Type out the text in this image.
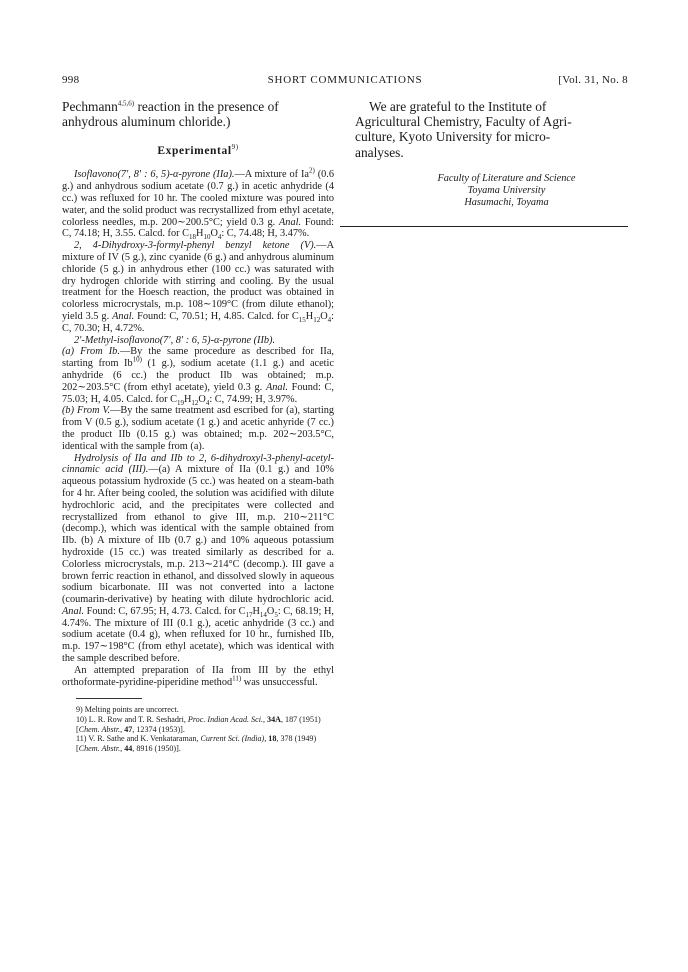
998	SHORT COMMUNICATIONS	[Vol. 31, No. 8

Pechmann$^{4,5,6)}$ reaction in the presence of
anhydrous aluminum chloride.)

Experimental$^{9)}$

Isoflavono(7′, 8′ : 6, 5)-α-pyrone (IIa).—A mixture of Ia$^{2)}$ (0.6 g.) and anhydrous sodium acetate (0.7 g.) in acetic anhydride (4 cc.) was refluxed for 10 hr. The cooled mixture was poured into water, and the solid product was recrystallized from ethyl acetate, colorless needles, m.p. 200∼200.5°C; yield 0.3 g. Anal. Found: C, 74.18; H, 3.55. Calcd. for $C_{18}H_{10}O_4$: C, 74.48; H, 3.47%.

2, 4-Dihydroxy-3-formyl-phenyl benzyl ketone (V).—A mixture of IV (5 g.), zinc cyanide (6 g.) and anhydrous aluminum chloride (5 g.) in anhydrous ether (100 cc.) was saturated with dry hydrogen chloride with stirring and cooling. By the usual treatment for the Hoesch reaction, the product was obtained in colorless microcrystals, m.p. 108∼109°C (from dilute ethanol); yield 3.5 g. Anal. Found: C, 70.51; H, 4.85. Calcd. for $C_{15}H_{12}O_4$: C, 70.30; H, 4.72%.

2′-Methyl-isoflavono(7′, 8′ : 6, 5)-α-pyrone (IIb).
(a) From Ib.—By the same procedure as described for IIa, starting from Ib$^{10)}$ (1 g.), sodium acetate (1.1 g.) and acetic anhydride (6 cc.) the product IIb was obtained; m.p. 202∼203.5°C (from ethyl acetate), yield 0.3 g. Anal. Found: C, 75.03; H, 4.05. Calcd. for $C_{19}H_{12}O_4$: C, 74.99; H, 3.97%.
(b) From V.—By the same treatment asd escribed for (a), starting from V (0.5 g.), sodium acetate (1 g.) and acetic anhyride (7 cc.) the product IIb (0.15 g.) was obtained; m.p. 202∼203.5°C, identical with the sample from (a).

Hydrolysis of IIa and IIb to 2, 6-dihydroxyl-3-phenyl-acetyl-cinnamic acid (III).—(a) A mixture of IIa (0.1 g.) and 10% aqueous potassium hydroxide (5 cc.) was heated on a steam-bath for 4 hr. After being cooled, the solution was acidified with dilute hydrochloric acid, and the precipitates were collected and recrystallized from ethanol to give III, m.p. 210∼211°C (decomp.), which was identical with the sample obtained from IIb. (b) A mixture of IIb (0.7 g.) and 10% aqueous potassium hydroxide (15 cc.) was treated similarly as described for a. Colorless microcrystals, m.p. 213∼214°C (decomp.). III gave a brown ferric reaction in ethanol, and dissolved slowly in aqueous sodium bicarbonate. III was not converted into a lactone (coumarin-derivative) by heating with dilute hydrochloric acid. Anal. Found: C, 67.95; H, 4.73. Calcd. for $C_{17}H_{14}O_5$: C, 68.19; H, 4.74%. The mixture of III (0.1 g.), acetic anhydride (3 cc.) and sodium acetate (0.4 g), when refluxed for 10 hr., furnished IIb, m.p. 197∼198°C (from ethyl acetate), which was identical with the sample described before.

An attempted preparation of IIa from III by the ethyl orthoformate-pyridine-piperidine method$^{11)}$ was unsuccessful.

9) Melting points are uncorrect.

10) L. R. Row and T. R. Seshadri, Proc. Indian Acad. Sci., 34A, 187 (1951) [Chem. Abstr., 47, 12374 (1953)].

11) V. R. Sathe and K. Venkataraman, Current Sci. (India), 18, 378 (1949) [Chem. Abstr., 44, 8916 (1950)].

We are grateful to the Institute of
Agricultural Chemistry, Faculty of Agri-
culture, Kyoto University for micro-
analyses.

Faculty of Literature and Science
Toyama University
Hasumachi, Toyama
